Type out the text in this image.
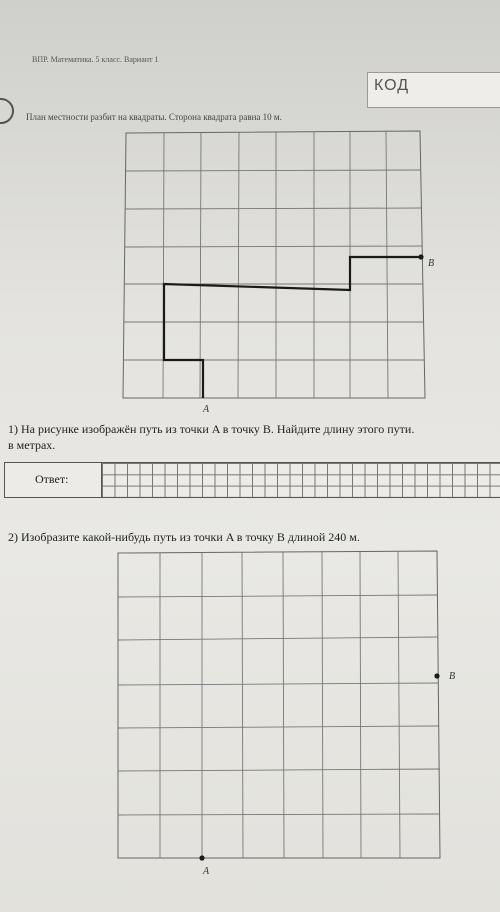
ВПР. Математика. 5 класс. Вариант 1
КОД
План местности разбит на квадраты. Сторона квадрата равна 10 м.
B
A
B
A
1) На рисунке изображён путь из точки A в точку B. Найдите длину этого пути.
в метрах.
Ответ:
2) Изобразите какой-нибудь путь из точки A в точку B длиной 240 м.
